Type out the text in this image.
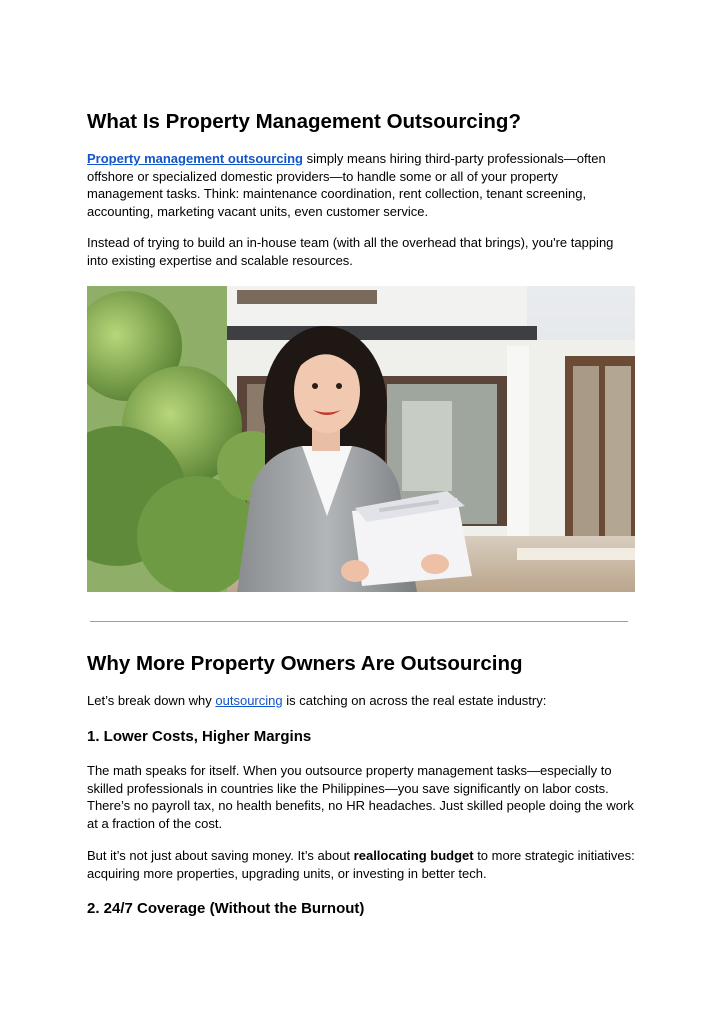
What Is Property Management Outsourcing?

Property management outsourcing simply means hiring third-party professionals—often offshore or specialized domestic providers—to handle some or all of your property management tasks. Think: maintenance coordination, rent collection, tenant screening, accounting, marketing vacant units, even customer service.

Instead of trying to build an in-house team (with all the overhead that brings), you're tapping into existing expertise and scalable resources.

Why More Property Owners Are Outsourcing

Let’s break down why outsourcing is catching on across the real estate industry:

1. Lower Costs, Higher Margins

The math speaks for itself. When you outsource property management tasks—especially to skilled professionals in countries like the Philippines—you save significantly on labor costs. There’s no payroll tax, no health benefits, no HR headaches. Just skilled people doing the work at a fraction of the cost.

But it’s not just about saving money. It’s about reallocating budget to more strategic initiatives: acquiring more properties, upgrading units, or investing in better tech.

2. 24/7 Coverage (Without the Burnout)
